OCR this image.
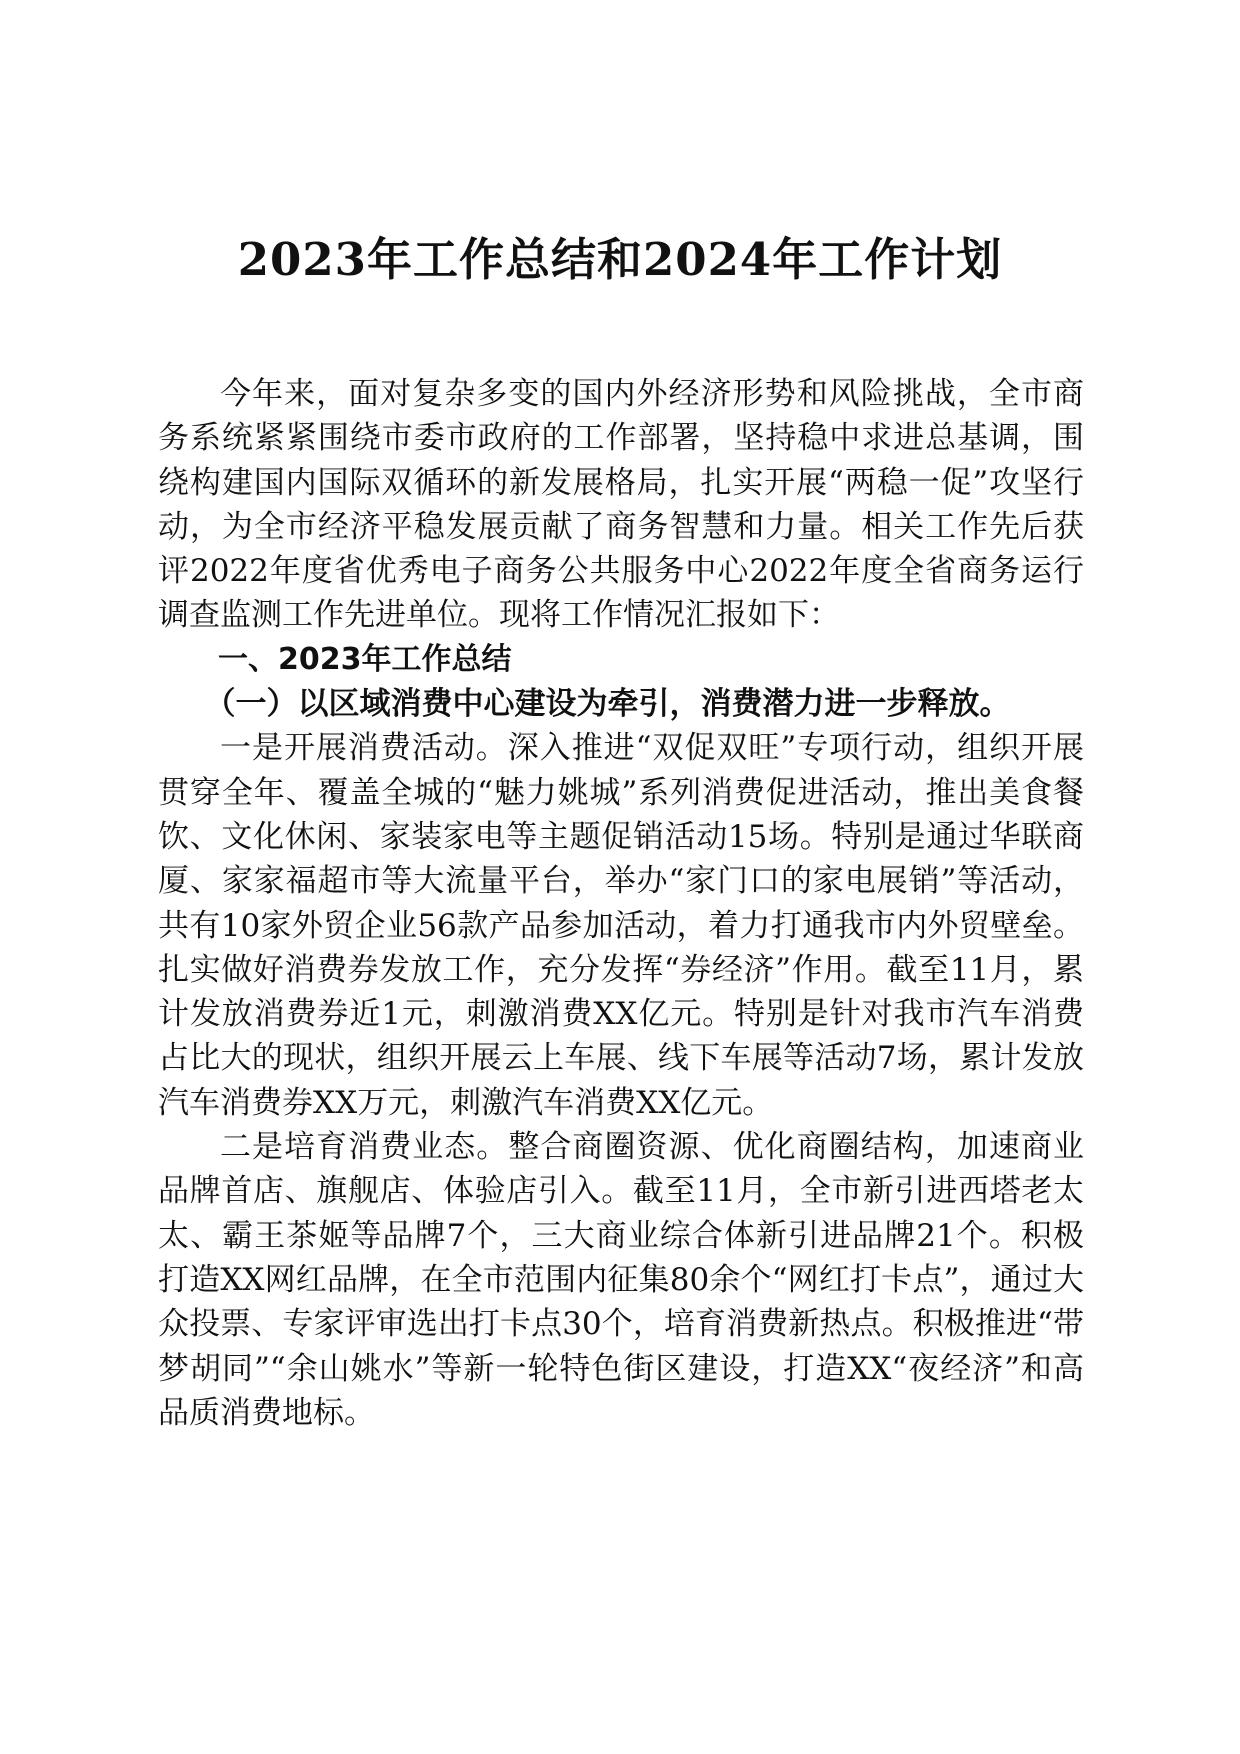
2023年工作总结和2024年工作计划

今年来，面对复杂多变的国内外经济形势和风险挑战，全市商务系统紧紧围绕市委市政府的工作部署，坚持稳中求进总基调，围绕构建国内国际双循环的新发展格局，扎实开展“两稳一促”攻坚行动，为全市经济平稳发展贡献了商务智慧和力量。相关工作先后获评2022年度省优秀电子商务公共服务中心2022年度全省商务运行调查监测工作先进单位。现将工作情况汇报如下：

一、2023年工作总结

（一）以区域消费中心建设为牵引，消费潜力进一步释放。

一是开展消费活动。深入推进“双促双旺”专项行动，组织开展贯穿全年、覆盖全城的“魅力姚城”系列消费促进活动，推出美食餐饮、文化休闲、家装家电等主题促销活动15场。特别是通过华联商厦、家家福超市等大流量平台，举办“家门口的家电展销”等活动，共有10家外贸企业56款产品参加活动，着力打通我市内外贸壁垒。扎实做好消费券发放工作，充分发挥“券经济”作用。截至11月，累计发放消费券近1元，刺激消费XX亿元。特别是针对我市汽车消费占比大的现状，组织开展云上车展、线下车展等活动7场，累计发放汽车消费券XX万元，刺激汽车消费XX亿元。

二是培育消费业态。整合商圈资源、优化商圈结构，加速商业品牌首店、旗舰店、体验店引入。截至11月，全市新引进西塔老太太、霸王茶姬等品牌7个，三大商业综合体新引进品牌21个。积极打造XX网红品牌，在全市范围内征集80余个“网红打卡点”，通过大众投票、专家评审选出打卡点30个，培育消费新热点。积极推进“带梦胡同”“余山姚水”等新一轮特色街区建设，打造XX“夜经济”和高品质消费地标。
